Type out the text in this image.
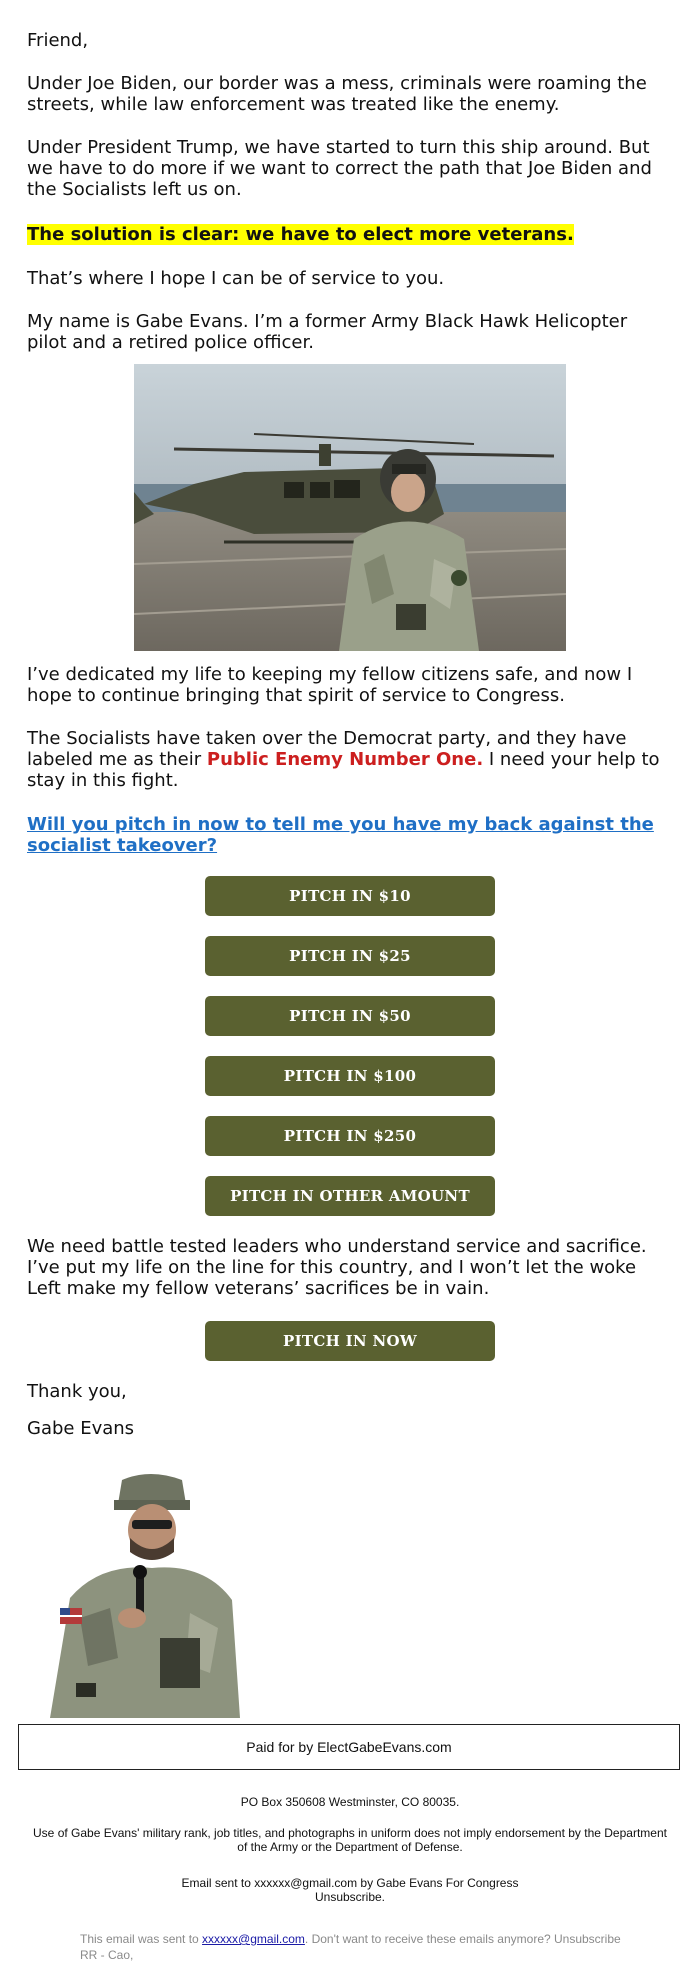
Friend,

Under Joe Biden, our border was a mess, criminals were roaming the streets, while law enforcement was treated like the enemy.

Under President Trump, we have started to turn this ship around. But we have to do more if we want to correct the path that Joe Biden and the Socialists left us on.

The solution is clear: we have to elect more veterans.

That’s where I hope I can be of service to you.

My name is Gabe Evans. I’m a former Army Black Hawk Helicopter pilot and a retired police officer.

I’ve dedicated my life to keeping my fellow citizens safe, and now I hope to continue bringing that spirit of service to Congress.

The Socialists have taken over the Democrat party, and they have labeled me as their Public Enemy Number One. I need your help to stay in this fight.

Will you pitch in now to tell me you have my back against the socialist takeover?

PITCH IN $10
PITCH IN $25
PITCH IN $50
PITCH IN $100
PITCH IN $250
PITCH IN OTHER AMOUNT

We need battle tested leaders who understand service and sacrifice. I’ve put my life on the line for this country, and I won’t let the woke Left make my fellow veterans’ sacrifices be in vain.

PITCH IN NOW

Thank you,

Gabe Evans

Paid for by ElectGabeEvans.com
PO Box 350608 Westminster, CO 80035.
Use of Gabe Evans' military rank, job titles, and photographs in uniform does not imply endorsement by the Department of the Army or the Department of Defense.
Email sent to xxxxxx@gmail.com by Gabe Evans For Congress
Unsubscribe.
This email was sent to xxxxxx@gmail.com. Don't want to receive these emails anymore? Unsubscribe
RR - Cao,
